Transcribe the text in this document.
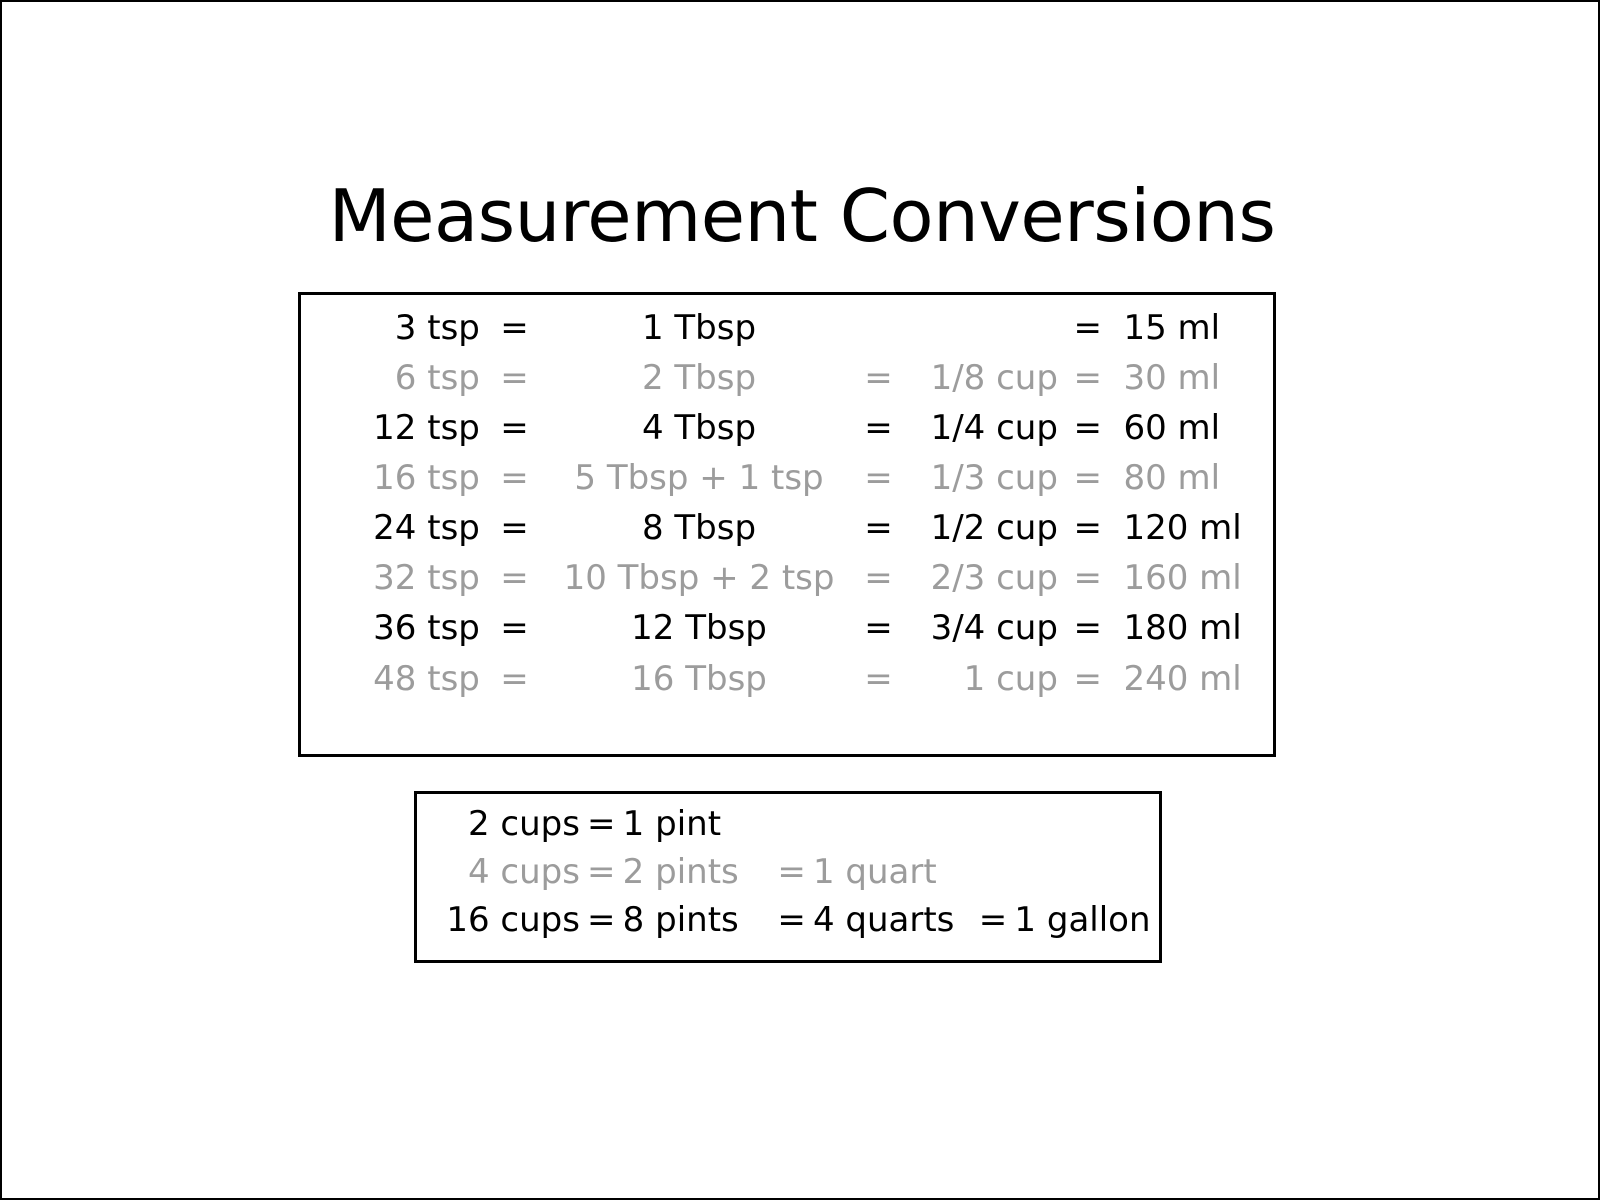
Measurement Conversions
3 tsp	=	1 Tbsp			=	15 ml
6 tsp	=	2 Tbsp	=	1/8 cup	=	30 ml
12 tsp	=	4 Tbsp	=	1/4 cup	=	60 ml
16 tsp	=	5 Tbsp + 1 tsp	=	1/3 cup	=	80 ml
24 tsp	=	8 Tbsp	=	1/2 cup	=	120 ml
32 tsp	=	10 Tbsp + 2 tsp	=	2/3 cup	=	160 ml
36 tsp	=	12 Tbsp	=	3/4 cup	=	180 ml
48 tsp	=	16 Tbsp	=	1 cup	=	240 ml
2 cups	=	1 pint				
4 cups	=	2 pints	=	1 quart		
16 cups	=	8 pints	=	4 quarts	=	1 gallon
